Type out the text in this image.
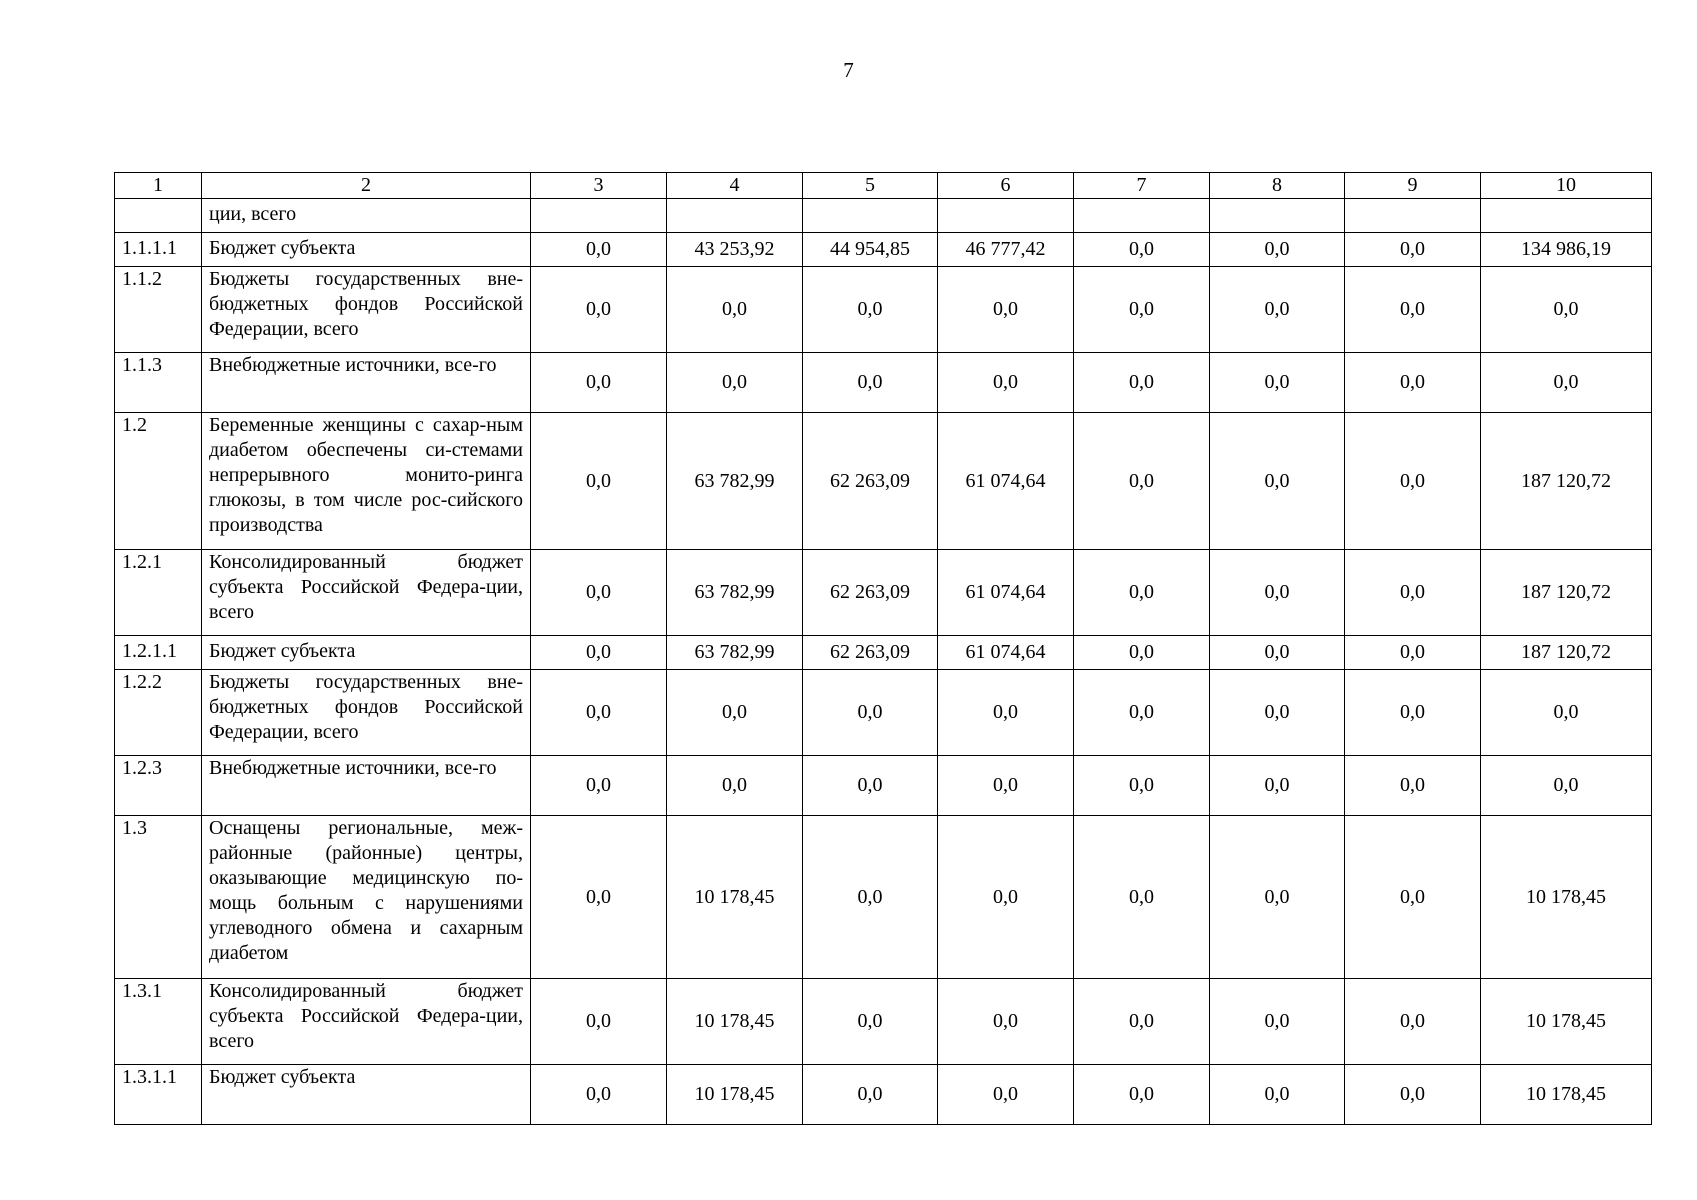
7
1	2	3	4	5	6	7	8	9	10
	ции, всего								
1.1.1.1	Бюджет субъекта	0,0	43 253,92	44 954,85	46 777,42	0,0	0,0	0,0	134 986,19
1.1.2	Бюджеты государственных вне-бюджетных фондов Российской Федерации, всего	0,0	0,0	0,0	0,0	0,0	0,0	0,0	0,0
1.1.3	Внебюджетные источники, все-го	0,0	0,0	0,0	0,0	0,0	0,0	0,0	0,0
1.2	Беременные женщины с сахар-ным диабетом обеспечены си-стемами непрерывного монито-ринга глюкозы, в том числе рос-сийского производства	0,0	63 782,99	62 263,09	61 074,64	0,0	0,0	0,0	187 120,72
1.2.1	Консолидированный бюджет субъекта Российской Федера-ции, всего	0,0	63 782,99	62 263,09	61 074,64	0,0	0,0	0,0	187 120,72
1.2.1.1	Бюджет субъекта	0,0	63 782,99	62 263,09	61 074,64	0,0	0,0	0,0	187 120,72
1.2.2	Бюджеты государственных вне-бюджетных фондов Российской Федерации, всего	0,0	0,0	0,0	0,0	0,0	0,0	0,0	0,0
1.2.3	Внебюджетные источники, все-го	0,0	0,0	0,0	0,0	0,0	0,0	0,0	0,0
1.3	Оснащены региональные, меж-районные (районные) центры, оказывающие медицинскую по-мощь больным с нарушениями углеводного обмена и сахарным диабетом	0,0	10 178,45	0,0	0,0	0,0	0,0	0,0	10 178,45
1.3.1	Консолидированный бюджет субъекта Российской Федера-ции, всего	0,0	10 178,45	0,0	0,0	0,0	0,0	0,0	10 178,45
1.3.1.1	Бюджет субъекта	0,0	10 178,45	0,0	0,0	0,0	0,0	0,0	10 178,45
